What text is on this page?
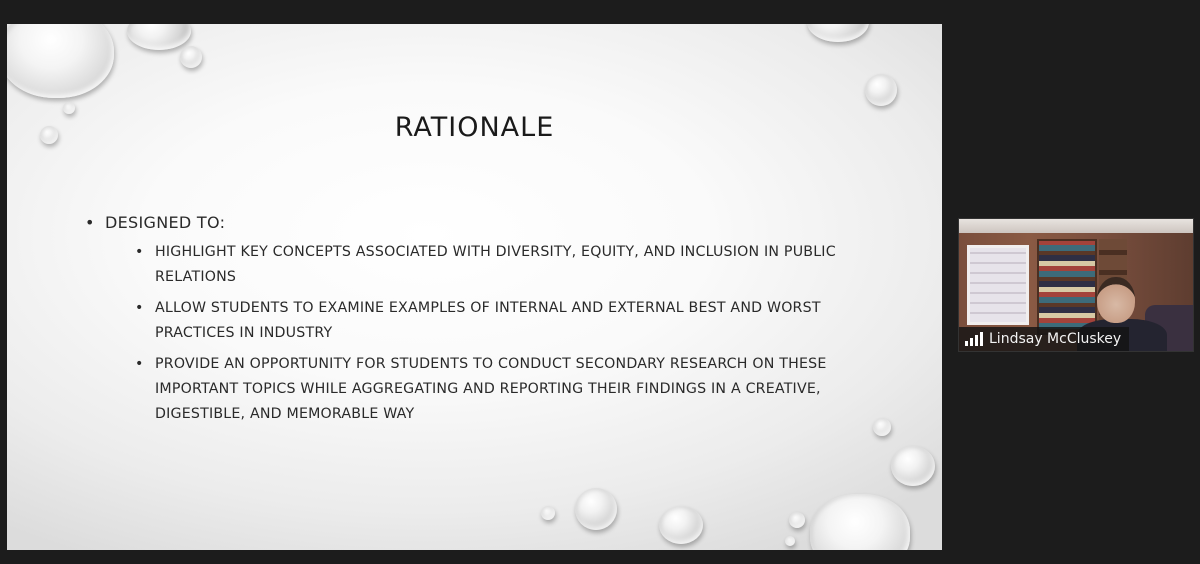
RATIONALE
• DESIGNED TO:
• HIGHLIGHT KEY CONCEPTS ASSOCIATED WITH DIVERSITY, EQUITY, AND INCLUSION IN PUBLIC RELATIONS
• ALLOW STUDENTS TO EXAMINE EXAMPLES OF INTERNAL AND EXTERNAL BEST AND WORST PRACTICES IN INDUSTRY
• PROVIDE AN OPPORTUNITY FOR STUDENTS TO CONDUCT SECONDARY RESEARCH ON THESE IMPORTANT TOPICS WHILE AGGREGATING AND REPORTING THEIR FINDINGS IN A CREATIVE, DIGESTIBLE, AND MEMORABLE WAY
Lindsay McCluskey
